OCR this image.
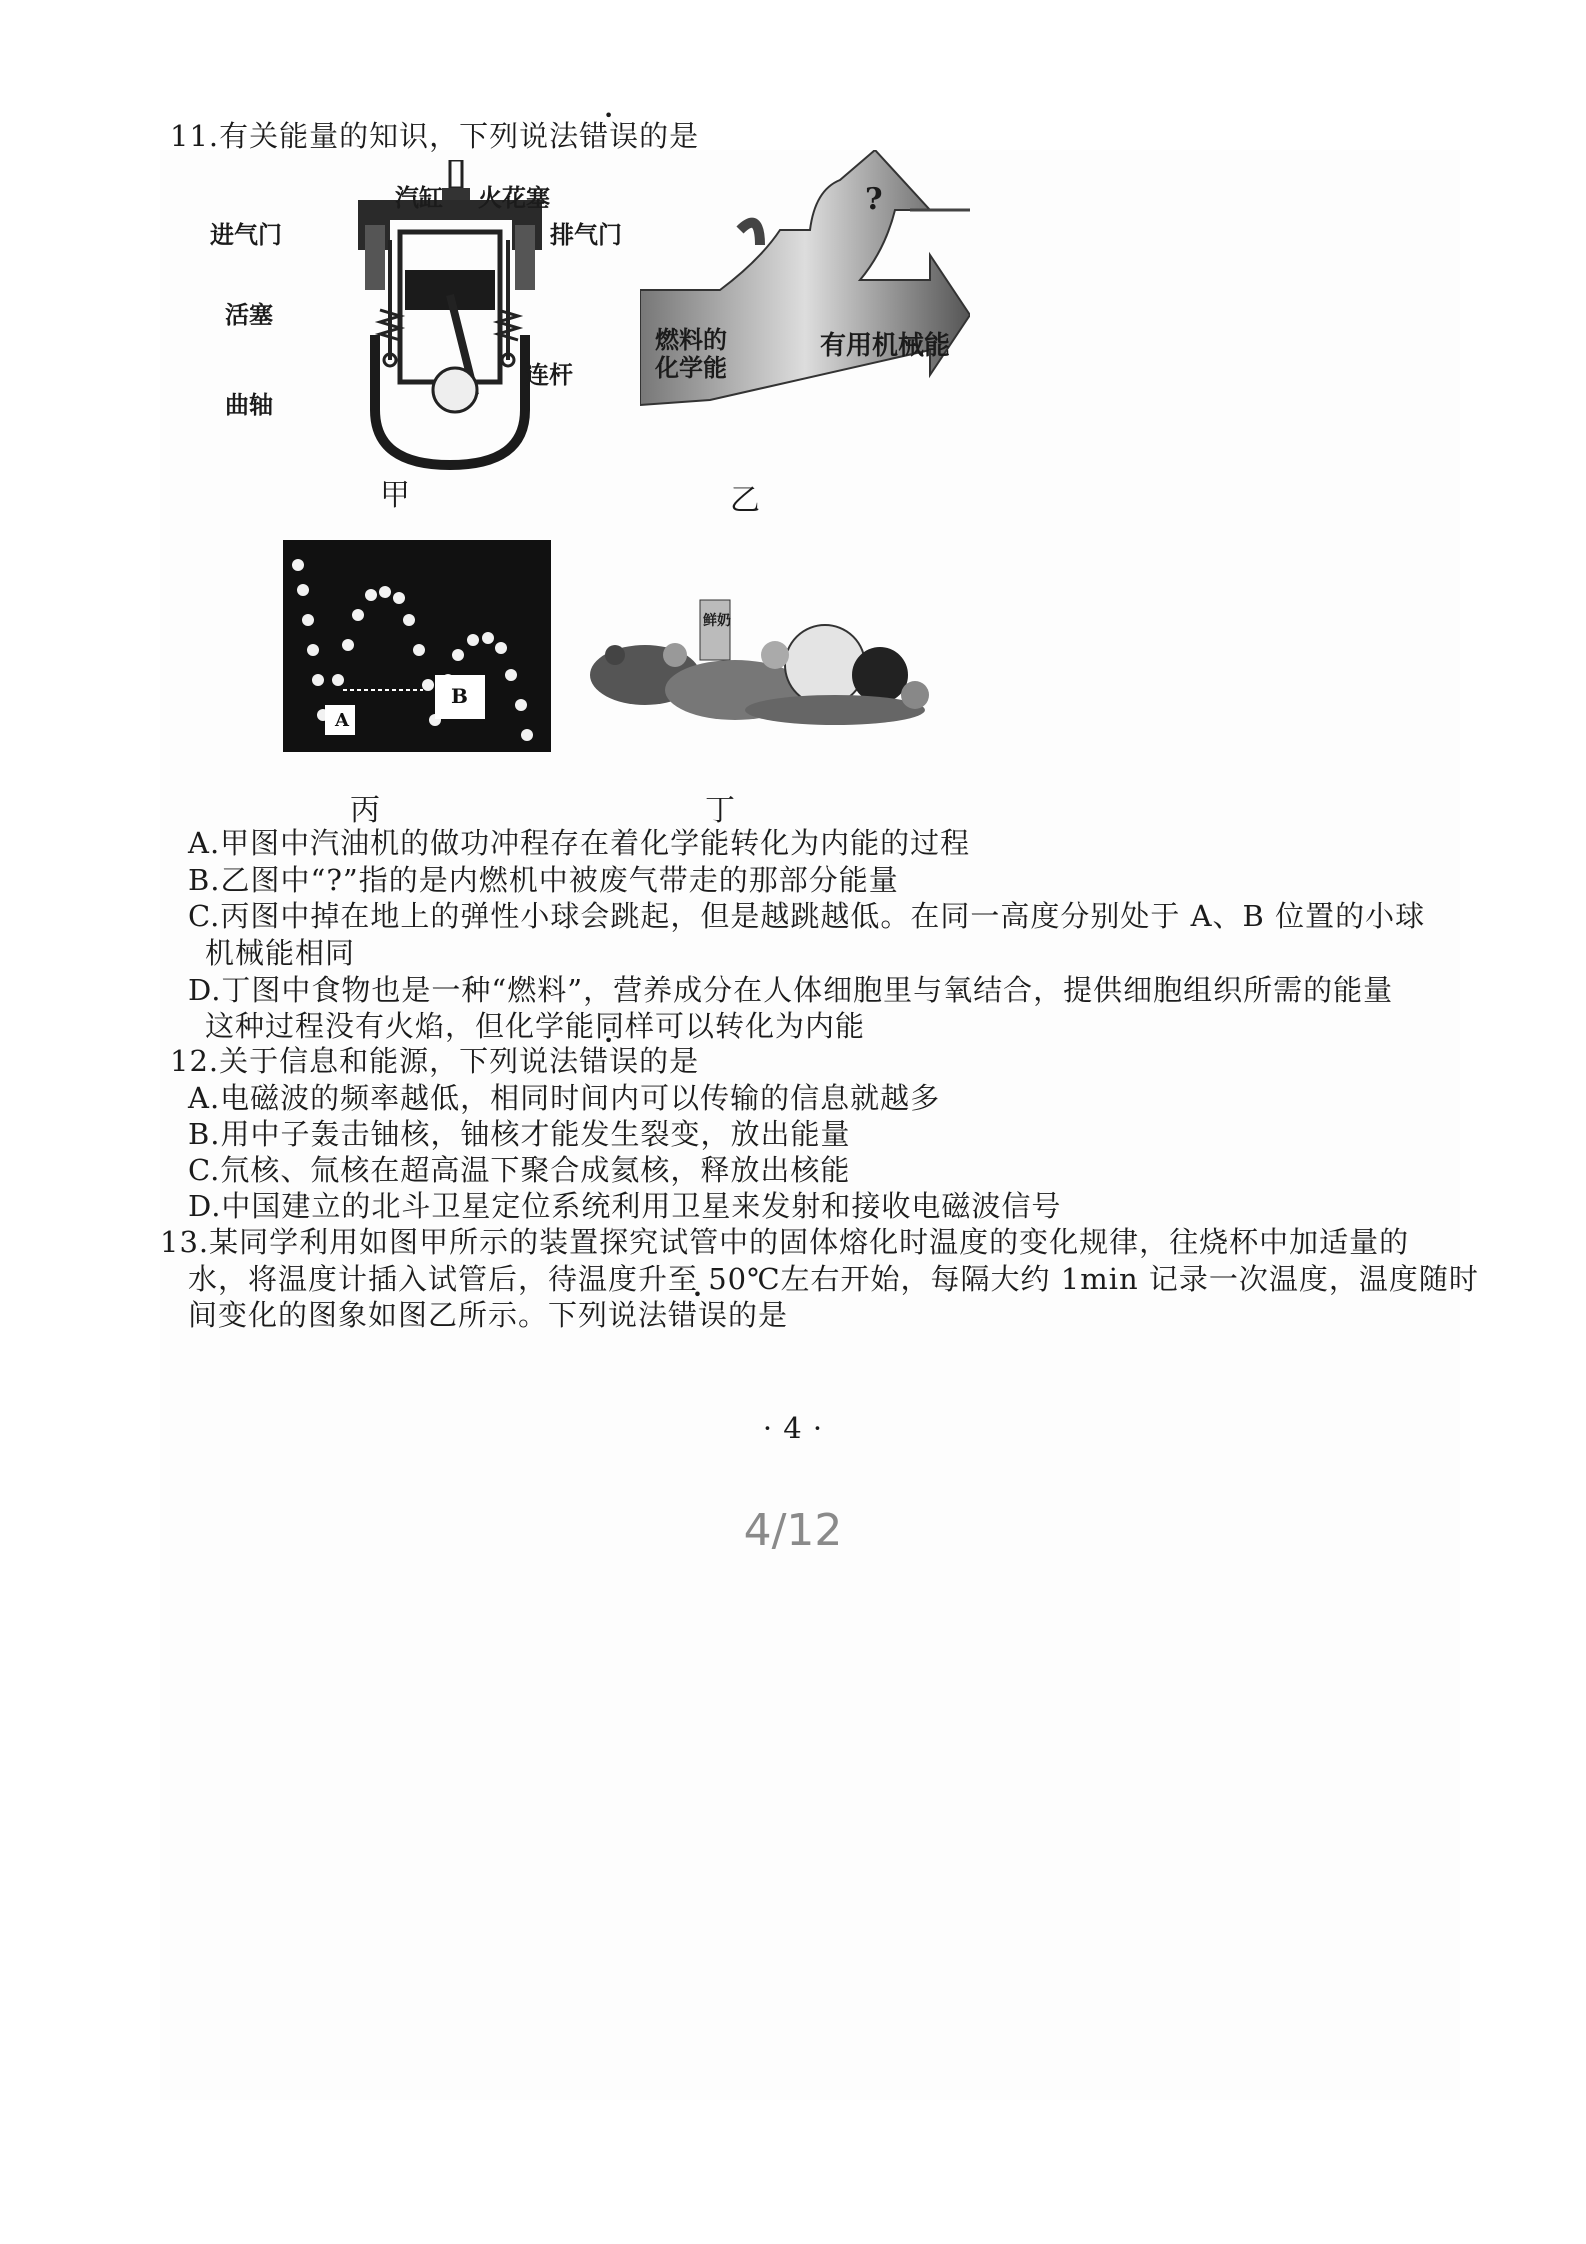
11.有关能量的知识，下列说法错误的是
汽缸 火花塞
进气门	排气门
活塞
连杆
曲轴
甲
?
燃料的
化学能
有用机械能
乙
A
B
丙
鲜奶
丁
A.甲图中汽油机的做功冲程存在着化学能转化为内能的过程
B.乙图中“?”指的是内燃机中被废气带走的那部分能量
C.丙图中掉在地上的弹性小球会跳起，但是越跳越低。在同一高度分别处于 A、B 位置的小球
机械能相同
D.丁图中食物也是一种“燃料”，营养成分在人体细胞里与氧结合，提供细胞组织所需的能量
这种过程没有火焰，但化学能同样可以转化为内能
12.关于信息和能源，下列说法错误的是
A.电磁波的频率越低，相同时间内可以传输的信息就越多
B.用中子轰击铀核，铀核才能发生裂变，放出能量
C.氘核、氚核在超高温下聚合成氦核，释放出核能
D.中国建立的北斗卫星定位系统利用卫星来发射和接收电磁波信号
13.某同学利用如图甲所示的装置探究试管中的固体熔化时温度的变化规律，往烧杯中加适量的
水，将温度计插入试管后，待温度升至 50℃左右开始，每隔大约 1min 记录一次温度，温度随时
间变化的图象如图乙所示。下列说法错误的是
· 4 ·
4/12
